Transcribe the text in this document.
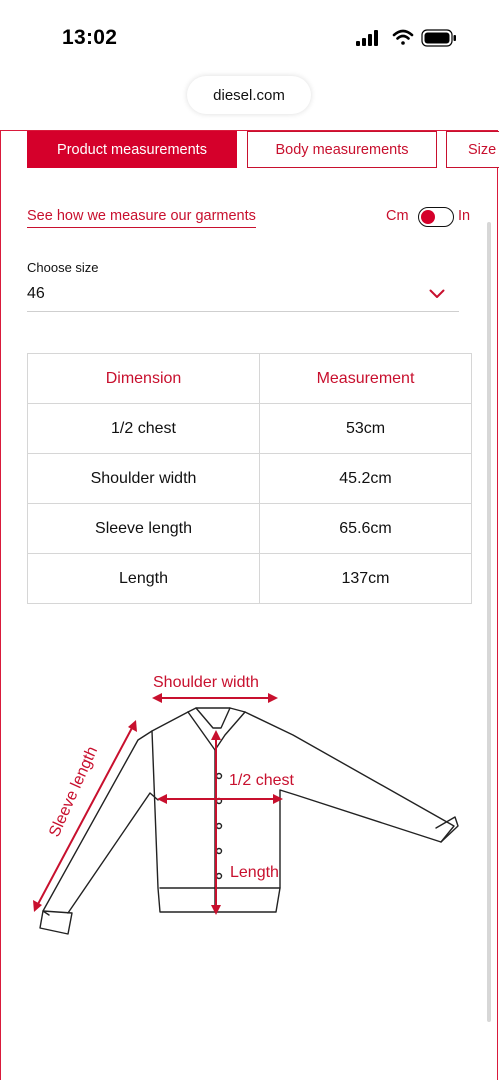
13:02
diesel.com
Product measurements	Body measurements	Size
See how we measure our garments	Cm	In
Choose size
46
Dimension	Measurement
1/2 chest	53cm
Shoulder width	45.2cm
Sleeve length	65.6cm
Length	137cm
Shoulder width
1/2 chest
Length
Sleeve length
